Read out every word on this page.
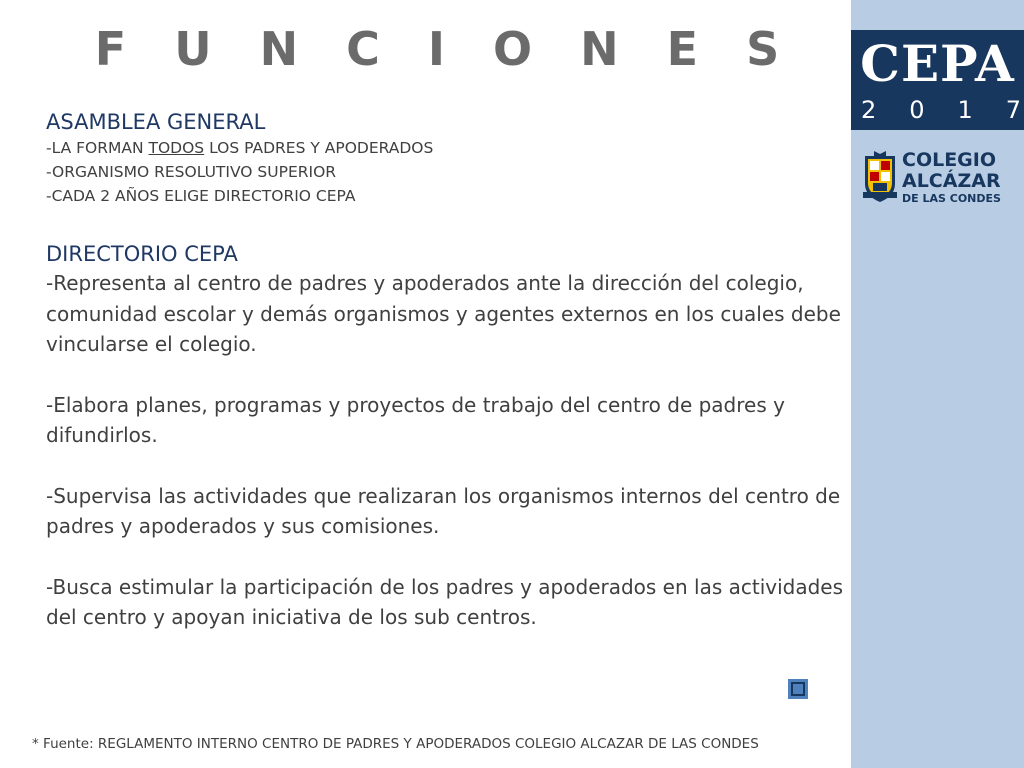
F U N C I O N E S

ASAMBLEA GENERAL

-LA FORMAN TODOS LOS PADRES Y APODERADOS

-ORGANISMO RESOLUTIVO SUPERIOR

-CADA 2 AÑOS ELIGE DIRECTORIO CEPA

DIRECTORIO CEPA

-Representa al centro de padres y apoderados ante la dirección del colegio, comunidad escolar y demás organismos y agentes externos en los cuales debe vincularse el colegio.

-Elabora planes, programas y proyectos de trabajo del centro de padres y difundirlos.

-Supervisa las actividades que realizaran los organismos internos del centro de padres y apoderados y sus comisiones.

-Busca estimular la participación de los padres y apoderados en las actividades del centro y apoyan iniciativa de los sub centros.

CEPA
2 0 1 7
COLEGIO
ALCÁZAR
DE LAS CONDES
* Fuente: REGLAMENTO INTERNO CENTRO DE PADRES Y APODERADOS COLEGIO ALCAZAR DE LAS CONDES
